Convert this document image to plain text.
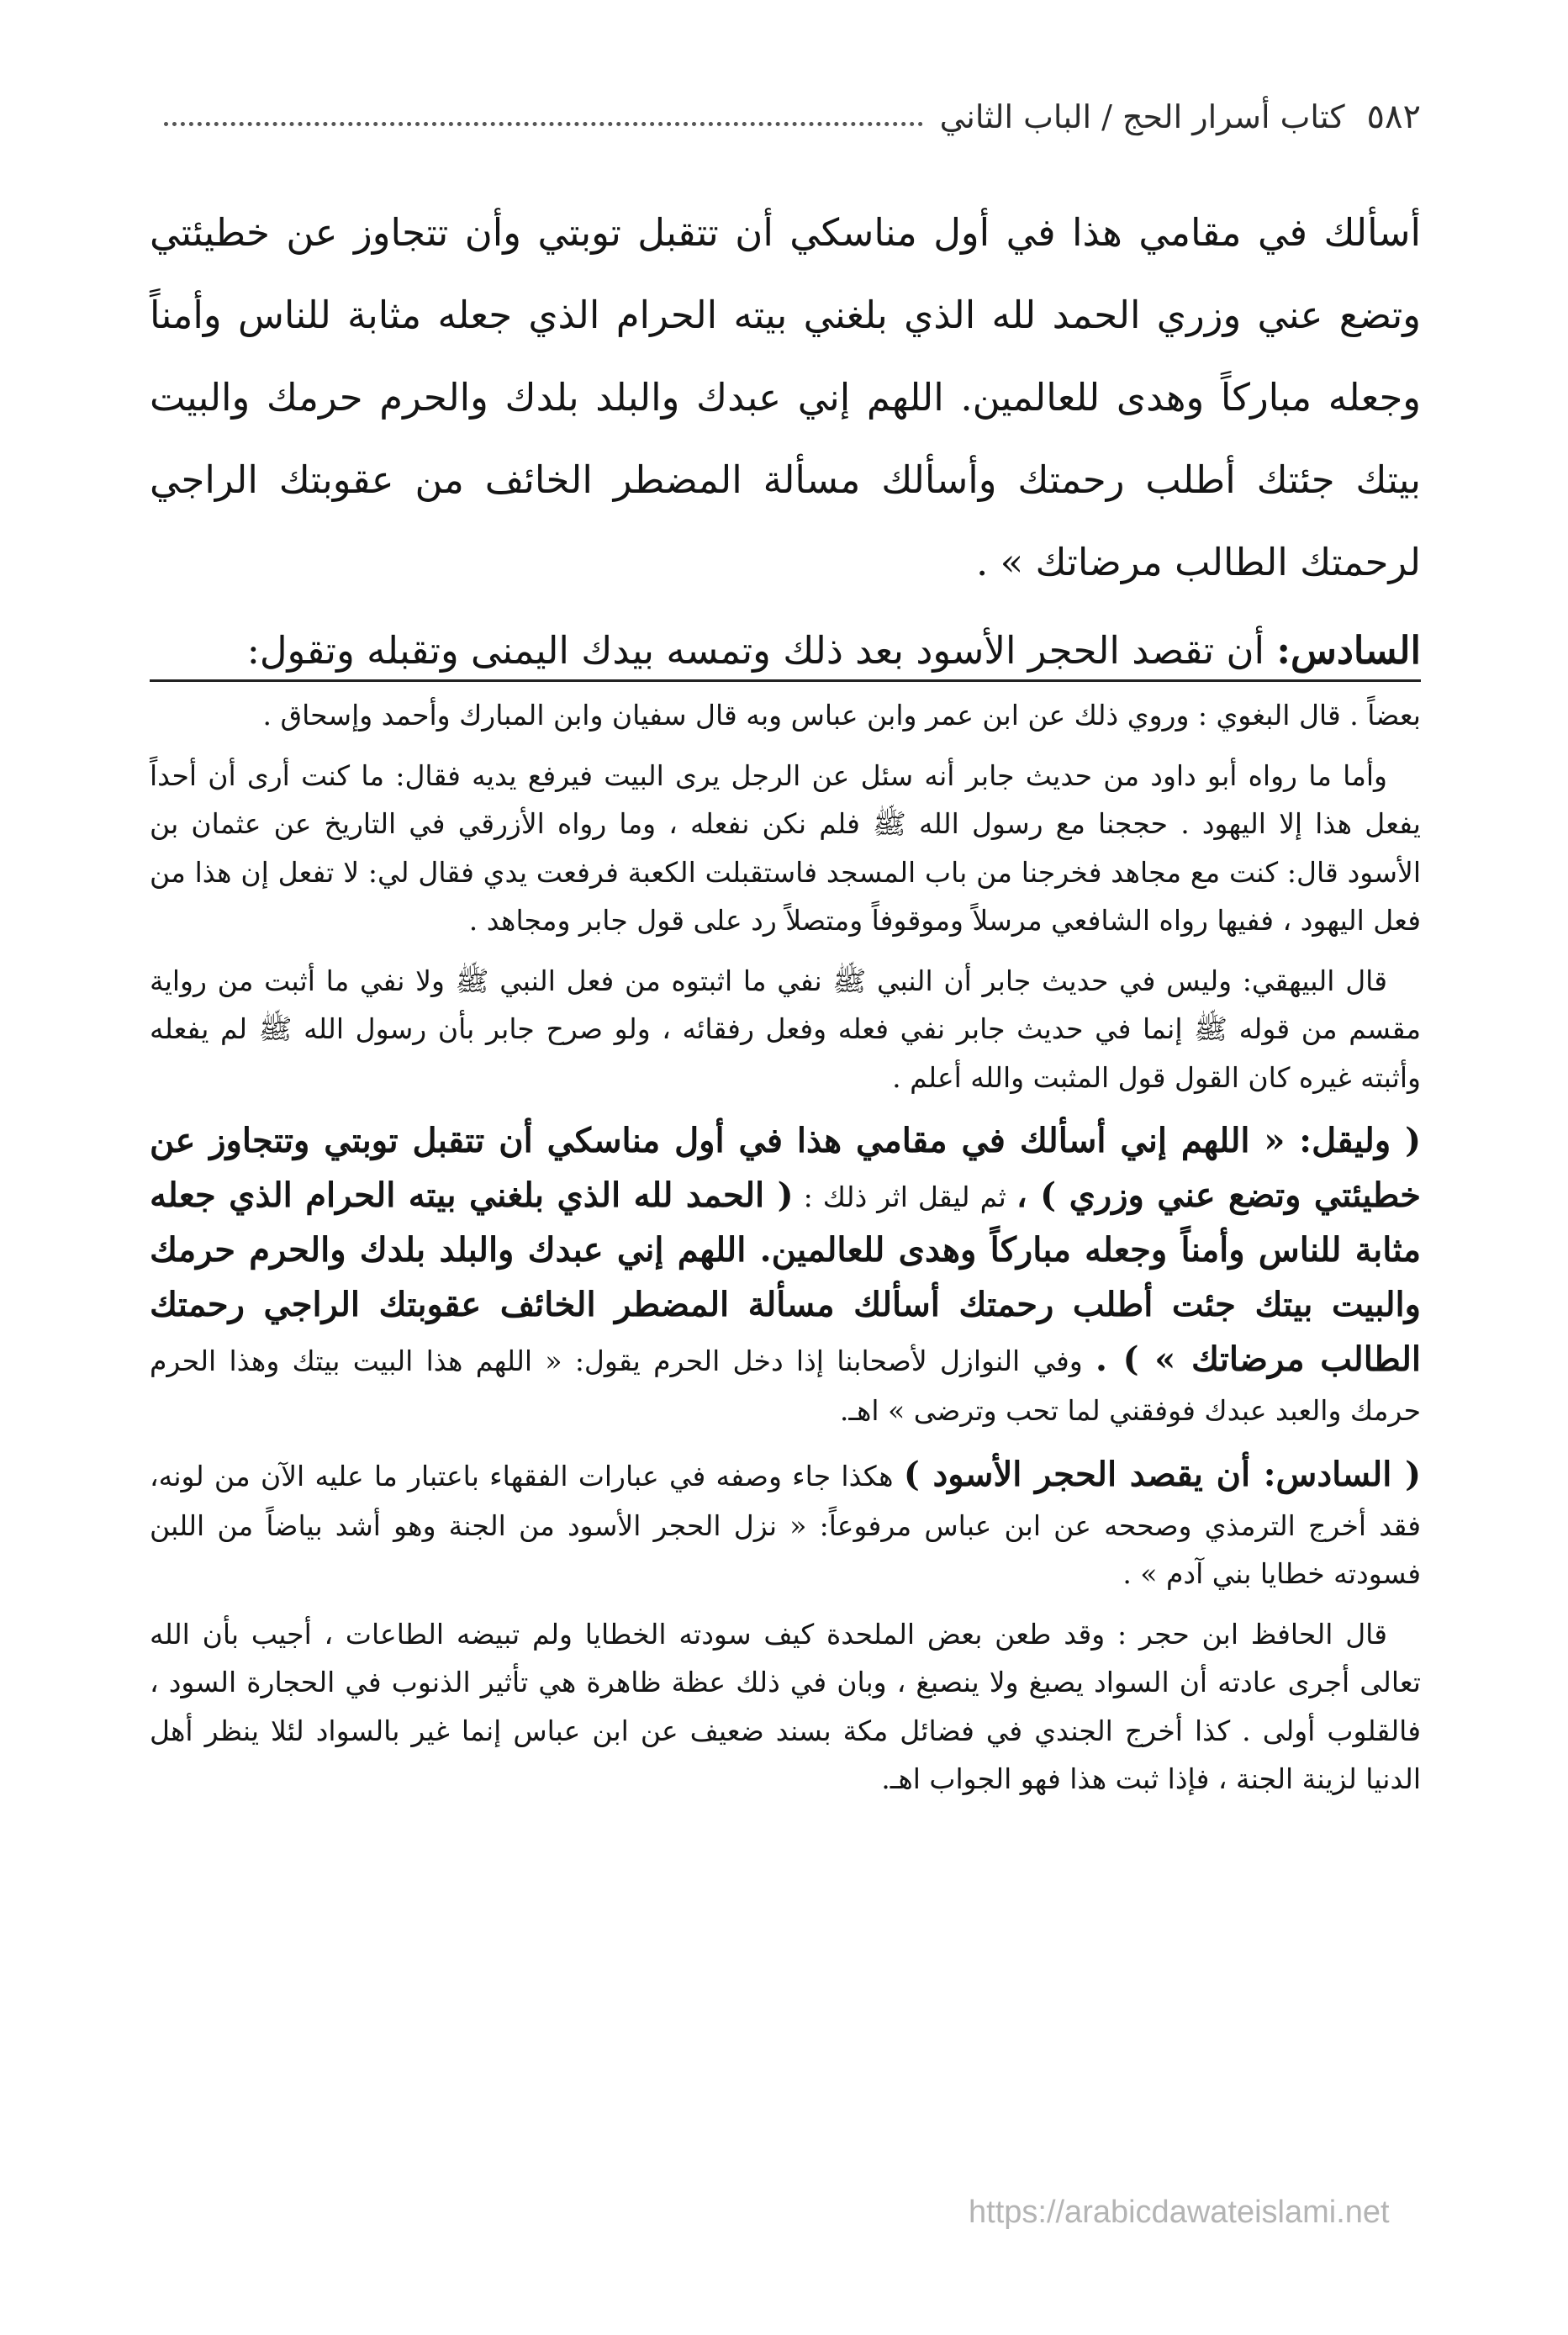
٥٨٢
كتاب أسرار الحج / الباب الثاني

أسألك في مقامي هذا في أول مناسكي أن تتقبل توبتي وأن تتجاوز عن خطيئتي وتضع عني وزري الحمد لله الذي بلغني بيته الحرام الذي جعله مثابة للناس وأمناً وجعله مباركاً وهدى للعالمين. اللهم إني عبدك والبلد بلدك والحرم حرمك والبيت بيتك جئتك أطلب رحمتك وأسألك مسألة المضطر الخائف من عقوبتك الراجي لرحمتك الطالب مرضاتك » .

السادس: أن تقصد الحجر الأسود بعد ذلك وتمسه بيدك اليمنى وتقبله وتقول:

بعضاً . قال البغوي : وروي ذلك عن ابن عمر وابن عباس وبه قال سفيان وابن المبارك وأحمد وإسحاق .

وأما ما رواه أبو داود من حديث جابر أنه سئل عن الرجل يرى البيت فيرفع يديه فقال: ما كنت أرى أن أحداً يفعل هذا إلا اليهود . حججنا مع رسول الله ﷺ فلم نكن نفعله ، وما رواه الأزرقي في التاريخ عن عثمان بن الأسود قال: كنت مع مجاهد فخرجنا من باب المسجد فاستقبلت الكعبة فرفعت يدي فقال لي: لا تفعل إن هذا من فعل اليهود ، ففيها رواه الشافعي مرسلاً وموقوفاً ومتصلاً رد على قول جابر ومجاهد .

قال البيهقي: وليس في حديث جابر أن النبي ﷺ نفي ما اثبتوه من فعل النبي ﷺ ولا نفي ما أثبت من رواية مقسم من قوله ﷺ إنما في حديث جابر نفي فعله وفعل رفقائه ، ولو صرح جابر بأن رسول الله ﷺ لم يفعله وأثبته غيره كان القول قول المثبت والله أعلم .

( وليقل: « اللهم إني أسألك في مقامي هذا في أول مناسكي أن تتقبل توبتي وتتجاوز عن خطيئتي وتضع عني وزري ) ، ثم ليقل اثر ذلك : ( الحمد لله الذي بلغني بيته الحرام الذي جعله مثابة للناس وأمناً وجعله مباركاً وهدى للعالمين. اللهم إني عبدك والبلد بلدك والحرم حرمك والبيت بيتك جئت أطلب رحمتك أسألك مسألة المضطر الخائف عقوبتك الراجي رحمتك الطالب مرضاتك » ) . وفي النوازل لأصحابنا إذا دخل الحرم يقول: « اللهم هذا البيت بيتك وهذا الحرم حرمك والعبد عبدك فوفقني لما تحب وترضى » اهـ.

( السادس: أن يقصد الحجر الأسود ) هكذا جاء وصفه في عبارات الفقهاء باعتبار ما عليه الآن من لونه، فقد أخرج الترمذي وصححه عن ابن عباس مرفوعاً: « نزل الحجر الأسود من الجنة وهو أشد بياضاً من اللبن فسودته خطايا بني آدم » .

قال الحافظ ابن حجر : وقد طعن بعض الملحدة كيف سودته الخطايا ولم تبيضه الطاعات ، أجيب بأن الله تعالى أجرى عادته أن السواد يصبغ ولا ينصبغ ، وبان في ذلك عظة ظاهرة هي تأثير الذنوب في الحجارة السود ، فالقلوب أولى . كذا أخرج الجندي في فضائل مكة بسند ضعيف عن ابن عباس إنما غير بالسواد لئلا ينظر أهل الدنيا لزينة الجنة ، فإذا ثبت هذا فهو الجواب اهـ.

https://arabicdawateislami.net
